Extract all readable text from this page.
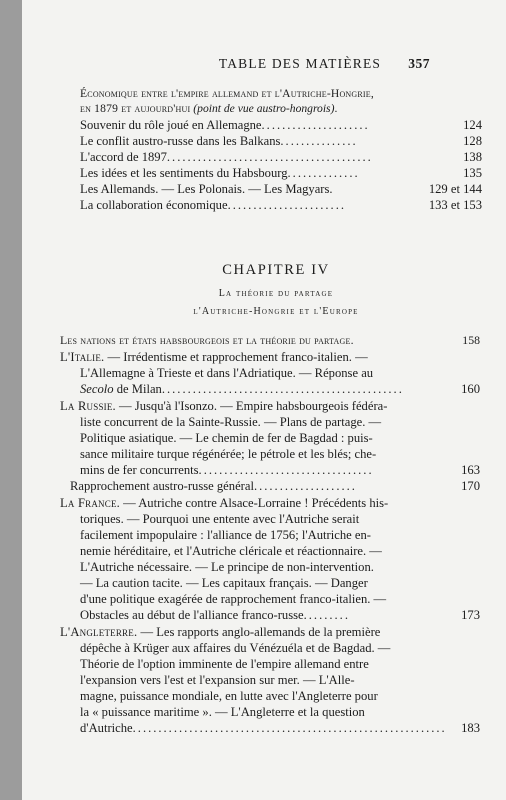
TABLE DES MATIÈRES	357
Économique entre l'empire allemand et l'Autriche-Hongrie,
en 1879 et aujourd'hui (point de vue austro-hongrois).
Souvenir du rôle joué en Allemagne.....................	124
Le conflit austro-russe dans les Balkans...............	128
L'accord de 1897........................................	138
Les idées et les sentiments du Habsbourg..............	135
Les Allemands. — Les Polonais. — Les Magyars.	129 et 144
La collaboration économique.......................	133 et 153
CHAPITRE IV
La théorie du partage
l'Autriche-Hongrie et l'Europe
Les nations et états habsbourgeois et la théorie du partage.	158
L'Italie. — Irrédentisme et rapprochement franco-italien. —
L'Allemagne à Trieste et dans l'Adriatique. — Réponse au
Secolo de Milan...............................................	160
La Russie. — Jusqu'à l'Isonzo. — Empire habsbourgeois fédéra-
liste concurrent de la Sainte-Russie. — Plans de partage. —
Politique asiatique. — Le chemin de fer de Bagdad : puis-
sance militaire turque régénérée; le pétrole et les blés; che-
mins de fer concurrents..................................	163
Rapprochement austro-russe général....................	170
La France. — Autriche contre Alsace-Lorraine ! Précédents his-
toriques. — Pourquoi une entente avec l'Autriche serait
facilement impopulaire : l'alliance de 1756; l'Autriche en-
nemie héréditaire, et l'Autriche cléricale et réactionnaire. —
L'Autriche nécessaire. — Le principe de non-intervention.
— La caution tacite. — Les capitaux français. — Danger
d'une politique exagérée de rapprochement franco-italien. —
Obstacles au début de l'alliance franco-russe.........	173
L'Angleterre. — Les rapports anglo-allemands de la première
dépêche à Krüger aux affaires du Vénézuéla et de Bagdad. —
Théorie de l'option imminente de l'empire allemand entre
l'expansion vers l'est et l'expansion sur mer. — L'Alle-
magne, puissance mondiale, en lutte avec l'Angleterre pour
la « puissance maritime ». — L'Angleterre et la question
d'Autriche............................................................. 183
